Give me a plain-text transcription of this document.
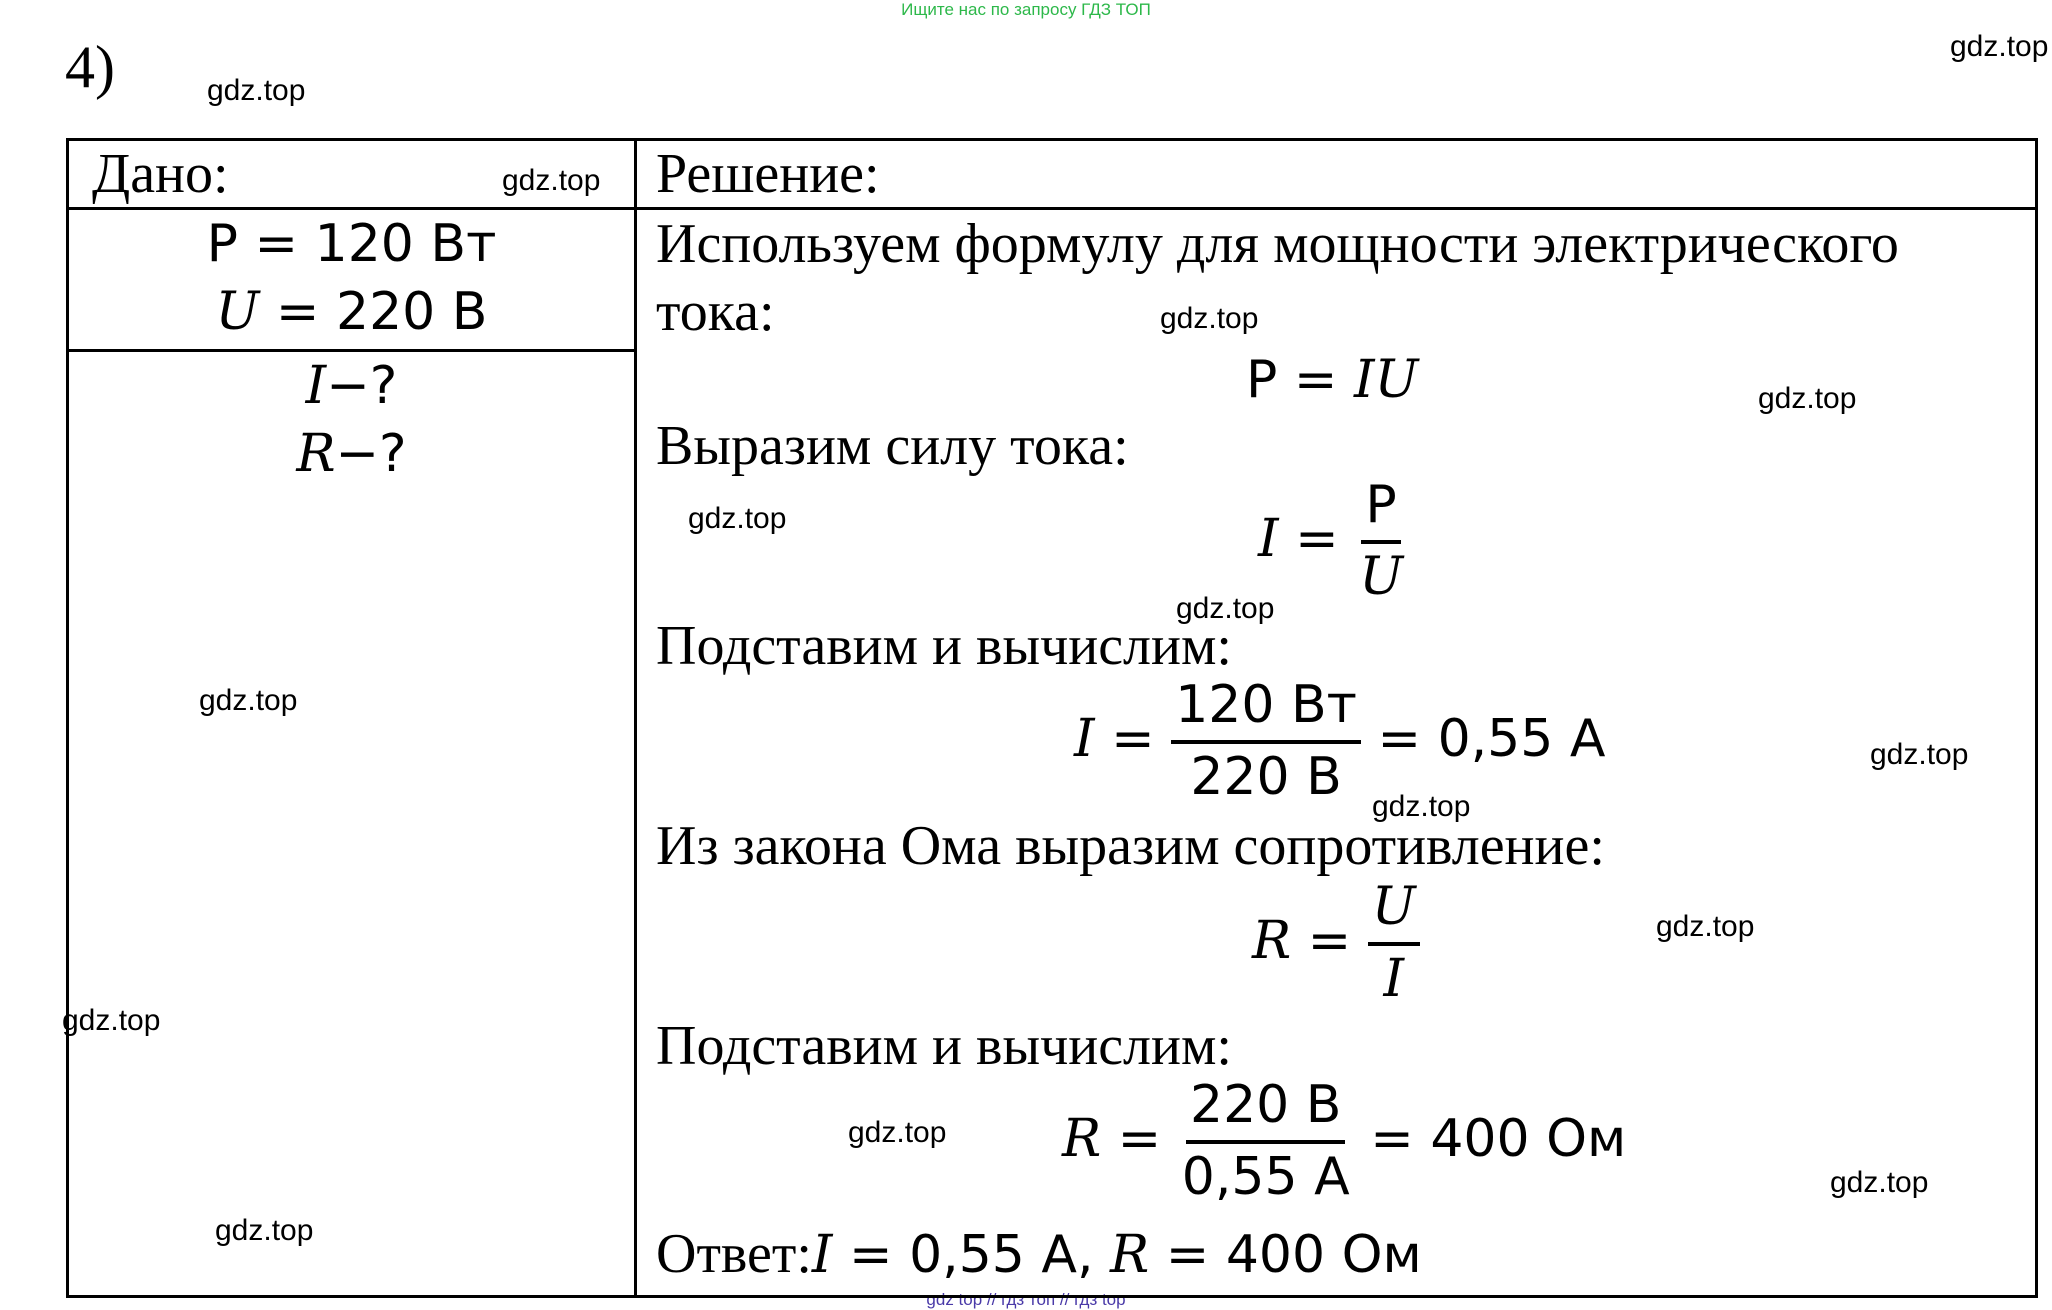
Ищите нас по запросу ГДЗ ТОП
gdz top // гдз топ // гдз top
4)
Дано:	Решение:
P = 120 Вт
U = 220 В
I−?
R−?
Используем формулу для мощности электрического
тока:
P = IU
Выразим силу тока:
$I = \frac{P}{U}$
Подставим и вычислим:
$I = \frac{120 Вт}{220 В} = 0,55$ А
Из закона Ома выразим сопротивление:
$R = \frac{U}{I}$
Подставим и вычислим:
$R = \frac{220 В}{0,55 А} = 400$ Ом
Ответ:I = 0,55 A, R = 400 Ом
gdz.top
gdz.top
gdz.top
gdz.top
gdz.top
gdz.top
gdz.top
gdz.top
gdz.top
gdz.top
gdz.top
gdz.top
gdz.top
gdz.top
gdz.top
